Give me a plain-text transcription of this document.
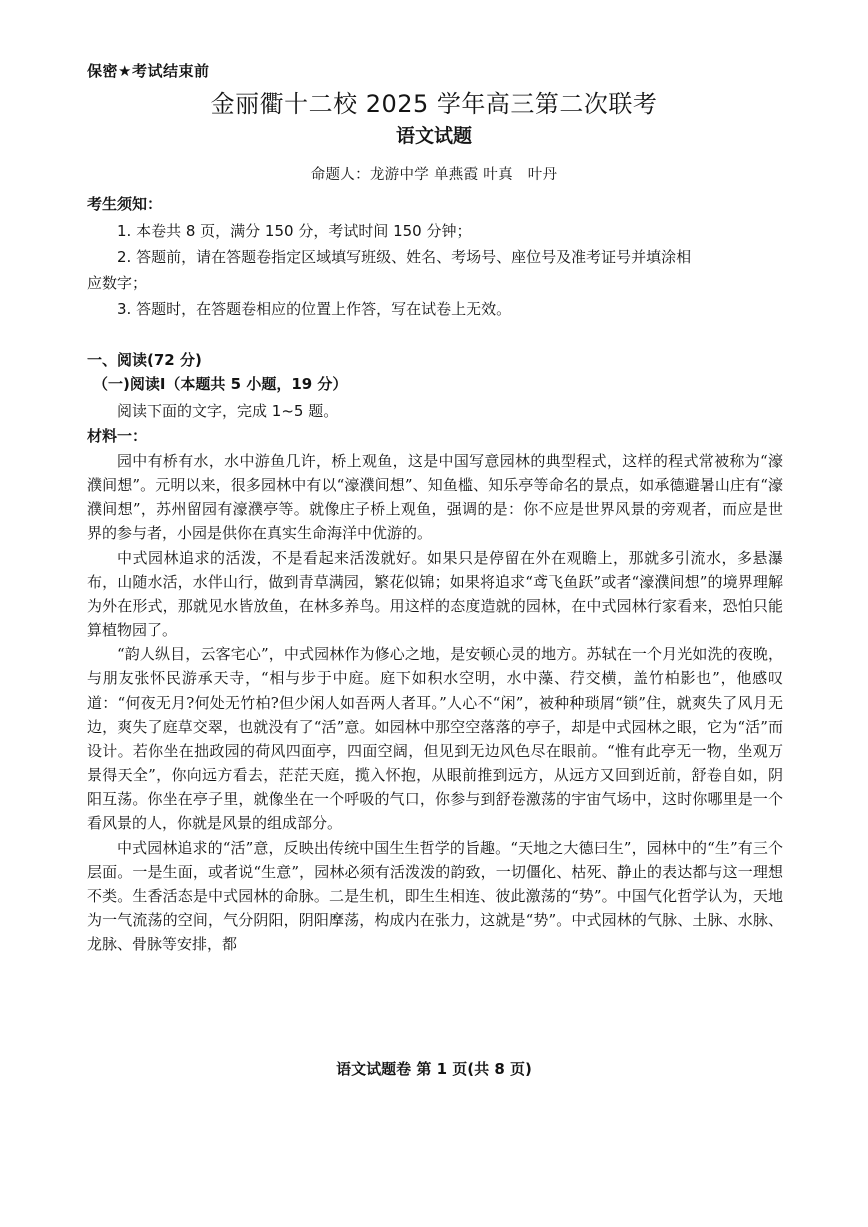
保密★考试结束前
金丽衢十二校 2025 学年高三第二次联考
语文试题
命题人：龙游中学 单燕霞 叶真　叶丹
考生须知：
1. 本卷共 8 页，满分 150 分，考试时间 150 分钟；
2. 答题前，请在答题卷指定区域填写班级、姓名、考场号、座位号及准考证号并填涂相
应数字；
3. 答题时，在答题卷相应的位置上作答，写在试卷上无效。
一、阅读(72 分)
（一)阅读Ⅰ（本题共 5 小题，19 分）
阅读下面的文字，完成 1~5 题。
材料一：

园中有桥有水，水中游鱼几许，桥上观鱼，这是中国写意园林的典型程式，这样的程式常被称为“濠濮间想”。元明以来，很多园林中有以“濠濮间想”、知鱼槛、知乐亭等命名的景点，如承德避暑山庄有“濠濮间想”，苏州留园有濠濮亭等。就像庄子桥上观鱼，强调的是：你不应是世界风景的旁观者，而应是世界的参与者，小园是供你在真实生命海洋中优游的。

中式园林追求的活泼，不是看起来活泼就好。如果只是停留在外在观瞻上，那就多引流水，多悬瀑布，山随水活，水伴山行，做到青草满园，繁花似锦；如果将追求“鸢飞鱼跃”或者“濠濮间想”的境界理解为外在形式，那就见水皆放鱼，在林多养鸟。用这样的态度造就的园林，在中式园林行家看来，恐怕只能算植物园了。

“韵人纵目，云客宅心”，中式园林作为修心之地，是安顿心灵的地方。苏轼在一个月光如洗的夜晚，与朋友张怀民游承天寺，“相与步于中庭。庭下如积水空明，水中藻、荇交横，盖竹柏影也”，他感叹道：“何夜无月?何处无竹柏?但少闲人如吾两人者耳。”人心不“闲”，被种种琐屑“锁”住，就爽失了风月无边，爽失了庭草交翠，也就没有了“活”意。如园林中那空空落落的亭子，却是中式园林之眼，它为“活”而设计。若你坐在拙政园的荷风四面亭，四面空阔，但见到无边风色尽在眼前。“惟有此亭无一物，坐观万景得天全”，你向远方看去，茫茫天庭，揽入怀抱，从眼前推到远方，从远方又回到近前，舒卷自如，阴阳互荡。你坐在亭子里，就像坐在一个呼吸的气口，你参与到舒卷激荡的宇宙气场中，这时你哪里是一个看风景的人，你就是风景的组成部分。

中式园林追求的“活”意，反映出传统中国生生哲学的旨趣。“天地之大德曰生”，园林中的“生”有三个层面。一是生面，或者说“生意”，园林必须有活泼泼的韵致，一切僵化、枯死、静止的表达都与这一理想不类。生香活态是中式园林的命脉。二是生机，即生生相连、彼此激荡的“势”。中国气化哲学认为，天地为一气流荡的空间，气分阴阳，阴阳摩荡，构成内在张力，这就是“势”。中式园林的气脉、土脉、水脉、龙脉、骨脉等安排，都

语文试题卷 第 1 页(共 8 页)
